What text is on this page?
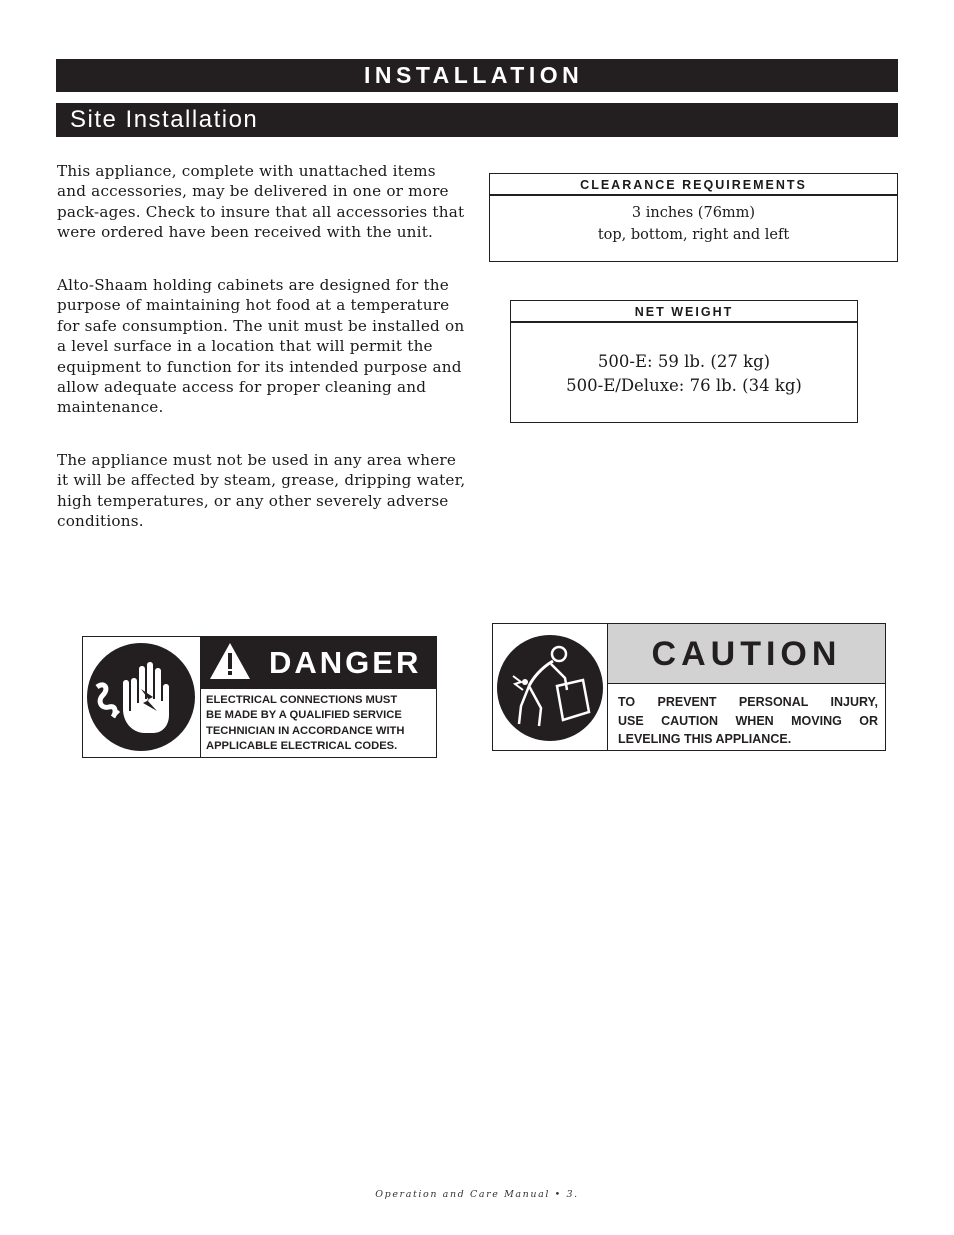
INSTALLATION
Site Installation

This appliance, complete with unattached items and accessories, may be delivered in one or more pack-ages. Check to insure that all accessories that were ordered have been received with the unit.

Alto-Shaam holding cabinets are designed for the purpose of maintaining hot food at a temperature for safe consumption. The unit must be installed on a level surface in a location that will permit the equipment to function for its intended purpose and allow adequate access for proper cleaning and maintenance.

The appliance must not be used in any area where it will be affected by steam, grease, dripping water, high temperatures, or any other severely adverse conditions.

CLEARANCE REQUIREMENTS
3 inches (76mm)
top, bottom, right and left
NET WEIGHT
500-E: 59 lb. (27 kg)
500-E/Deluxe: 76 lb. (34 kg)
DANGER
ELECTRICAL CONNECTIONS MUST
BE MADE BY A QUALIFIED SERVICE
TECHNICIAN IN ACCORDANCE WITH
APPLICABLE ELECTRICAL CODES.
CAUTION
TO PREVENT PERSONAL INJURY,
USE CAUTION WHEN MOVING OR
LEVELING THIS APPLIANCE.
Operation and Care Manual • 3.
